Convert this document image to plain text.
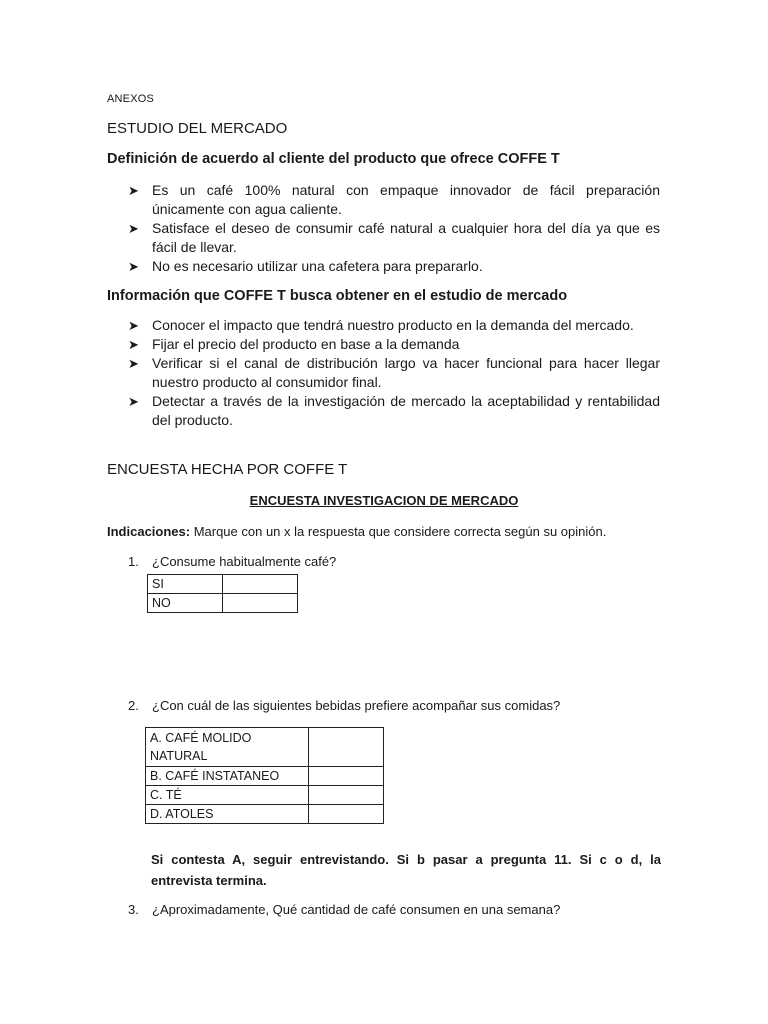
ANEXOS
ESTUDIO DEL MERCADO
Definición de acuerdo al cliente del producto que ofrece COFFE T
➤ Es un café 100% natural con empaque innovador de fácil preparación únicamente con agua caliente.
➤ Satisface el deseo de consumir café natural a cualquier hora del día ya que es fácil de llevar.
➤ No es necesario utilizar una cafetera para prepararlo.
Información que COFFE T busca obtener en el estudio de mercado
➤ Conocer el impacto que tendrá nuestro producto en la demanda del mercado.
➤ Fijar el precio del producto en base a la demanda
➤ Verificar si el canal de distribución largo va hacer funcional para hacer llegar nuestro producto al consumidor final.
➤ Detectar a través de la investigación de mercado la aceptabilidad y rentabilidad del producto.
ENCUESTA HECHA POR COFFE T
ENCUESTA INVESTIGACION DE MERCADO
Indicaciones: Marque con un x la respuesta que considere correcta según su opinión.
1. ¿Consume habitualmente café?
SI	
NO	
2. ¿Con cuál de las siguientes bebidas prefiere acompañar sus comidas?
A. CAFÉ MOLIDO NATURAL	
B. CAFÉ INSTATANEO	
C. TÉ	
D. ATOLES	
Si contesta A, seguir entrevistando. Si b pasar a pregunta 11. Si c o d, la entrevista termina.
3. ¿Aproximadamente, Qué cantidad de café consumen en una semana?
